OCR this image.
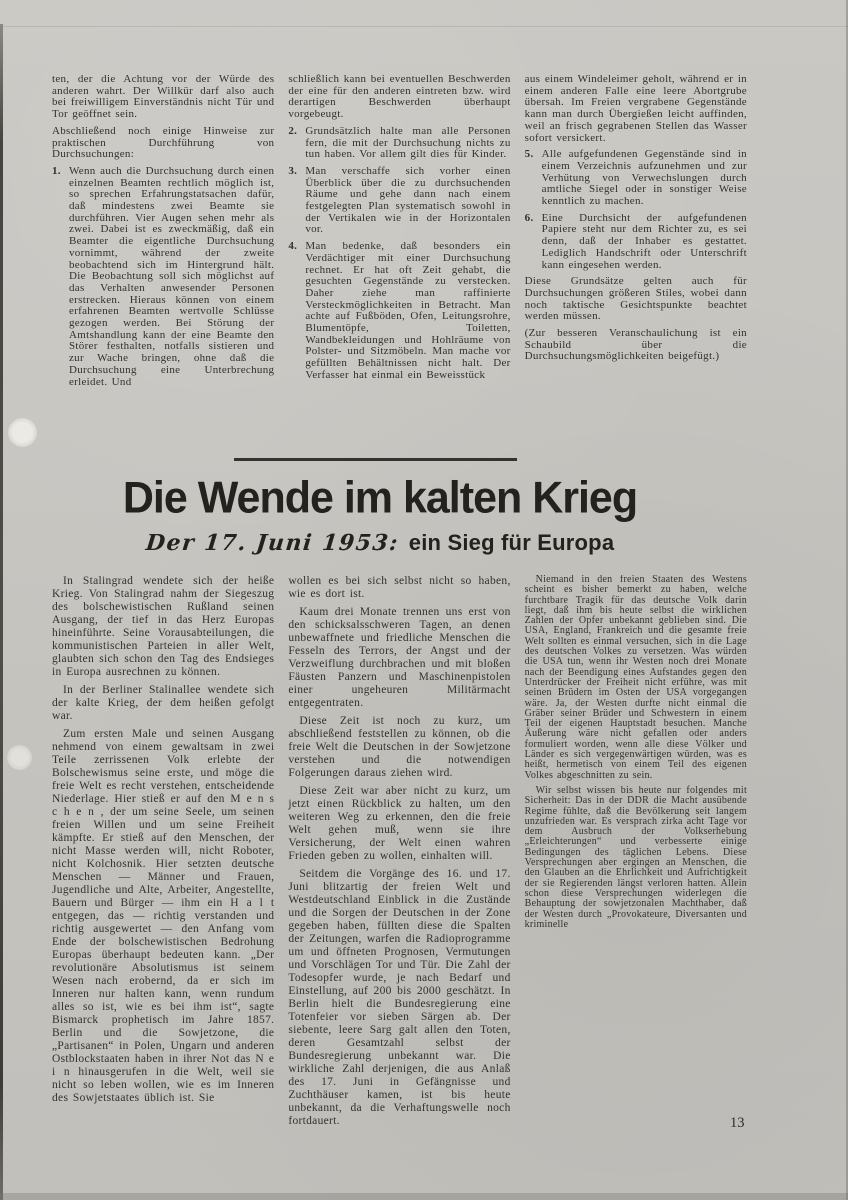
ten, der die Achtung vor der Würde des anderen wahrt. Der Willkür darf also auch bei freiwilligem Einverständnis nicht Tür und Tor geöffnet sein.

Abschließend noch einige Hinweise zur praktischen Durchführung von Durchsuchungen:

1. Wenn auch die Durchsuchung durch einen einzelnen Beamten rechtlich möglich ist, so sprechen Erfahrungstatsachen dafür, daß mindestens zwei Beamte sie durchführen. Vier Augen sehen mehr als zwei. Dabei ist es zweckmäßig, daß ein Beamter die eigentliche Durchsuchung vornimmt, während der zweite beobachtend sich im Hintergrund hält. Die Beobachtung soll sich möglichst auf das Verhalten anwesender Personen erstrecken. Hieraus können von einem erfahrenen Beamten wertvolle Schlüsse gezogen werden. Bei Störung der Amtshandlung kann der eine Beamte den Störer festhalten, notfalls sistieren und zur Wache bringen, ohne daß die Durchsuchung eine Unterbrechung erleidet. Und

schließlich kann bei eventuellen Beschwerden der eine für den anderen eintreten bzw. wird derartigen Beschwerden überhaupt vorgebeugt.

2. Grundsätzlich halte man alle Personen fern, die mit der Durchsuchung nichts zu tun haben. Vor allem gilt dies für Kinder.

3. Man verschaffe sich vorher einen Überblick über die zu durchsuchenden Räume und gehe dann nach einem festgelegten Plan systematisch sowohl in der Vertikalen wie in der Horizontalen vor.

4. Man bedenke, daß besonders ein Verdächtiger mit einer Durchsuchung rechnet. Er hat oft Zeit gehabt, die gesuchten Gegenstände zu verstecken. Daher ziehe man raffinierte Versteckmöglichkeiten in Betracht. Man achte auf Fußböden, Ofen, Leitungsrohre, Blumentöpfe, Toiletten, Wandbekleidungen und Hohlräume von Polster- und Sitzmöbeln. Man mache vor gefüllten Behältnissen nicht halt. Der Verfasser hat einmal ein Beweisstück

aus einem Windeleimer geholt, während er in einem anderen Falle eine leere Abortgrube übersah. Im Freien vergrabene Gegenstände kann man durch Übergießen leicht auffinden, weil an frisch gegrabenen Stellen das Wasser sofort versickert.

5. Alle aufgefundenen Gegenstände sind in einem Verzeichnis aufzunehmen und zur Verhütung von Verwechslungen durch amtliche Siegel oder in sonstiger Weise kenntlich zu machen.

6. Eine Durchsicht der aufgefundenen Papiere steht nur dem Richter zu, es sei denn, daß der Inhaber es gestattet. Lediglich Handschrift oder Unterschrift kann eingesehen werden.

Diese Grundsätze gelten auch für Durchsuchungen größeren Stiles, wobei dann noch taktische Gesichtspunkte beachtet werden müssen.

(Zur besseren Veranschaulichung ist ein Schaubild über die Durchsuchungsmöglichkeiten beigefügt.)

Die Wende im kalten Krieg

Der 17. Juni 1953: ein Sieg für Europa

In Stalingrad wendete sich der heiße Krieg. Von Stalingrad nahm der Siegeszug des bolschewistischen Rußland seinen Ausgang, der tief in das Herz Europas hineinführte. Seine Vorausabteilungen, die kommunistischen Parteien in aller Welt, glaubten sich schon den Tag des Endsieges in Europa ausrechnen zu können.

In der Berliner Stalinallee wendete sich der kalte Krieg, der dem heißen gefolgt war.

Zum ersten Male und seinen Ausgang nehmend von einem gewaltsam in zwei Teile zerrissenen Volk erlebte der Bolschewismus seine erste, und möge die freie Welt es recht verstehen, entscheidende Niederlage. Hier stieß er auf den M e n s c h e n , der um seine Seele, um seinen freien Willen und um seine Freiheit kämpfte. Er stieß auf den Menschen, der nicht Masse werden will, nicht Roboter, nicht Kolchosnik. Hier setzten deutsche Menschen — Männer und Frauen, Jugendliche und Alte, Arbeiter, Angestellte, Bauern und Bürger — ihm ein H a l t entgegen, das — richtig verstanden und richtig ausgewertet — den Anfang vom Ende der bolschewistischen Bedrohung Europas überhaupt bedeuten kann. „Der revolutionäre Absolutismus ist seinem Wesen nach erobernd, da er sich im Inneren nur halten kann, wenn rundum alles so ist, wie es bei ihm ist“, sagte Bismarck prophetisch im Jahre 1857. Berlin und die Sowjetzone, die „Partisanen“ in Polen, Ungarn und anderen Ostblockstaaten haben in ihrer Not das N e i n hinausgerufen in die Welt, weil sie nicht so leben wollen, wie es im Inneren des Sowjetstaates üblich ist. Sie

wollen es bei sich selbst nicht so haben, wie es dort ist.

Kaum drei Monate trennen uns erst von den schicksalsschweren Tagen, an denen unbewaffnete und friedliche Menschen die Fesseln des Terrors, der Angst und der Verzweiflung durchbrachen und mit bloßen Fäusten Panzern und Maschinenpistolen einer ungeheuren Militärmacht entgegentraten.

Diese Zeit ist noch zu kurz, um abschließend feststellen zu können, ob die freie Welt die Deutschen in der Sowjetzone verstehen und die notwendigen Folgerungen daraus ziehen wird.

Diese Zeit war aber nicht zu kurz, um jetzt einen Rückblick zu halten, um den weiteren Weg zu erkennen, den die freie Welt gehen muß, wenn sie ihre Versicherung, der Welt einen wahren Frieden geben zu wollen, einhalten will.

Seitdem die Vorgänge des 16. und 17. Juni blitzartig der freien Welt und Westdeutschland Einblick in die Zustände und die Sorgen der Deutschen in der Zone gegeben haben, füllten diese die Spalten der Zeitungen, warfen die Radioprogramme um und öffneten Prognosen, Vermutungen und Vorschlägen Tor und Tür. Die Zahl der Todesopfer wurde, je nach Bedarf und Einstellung, auf 200 bis 2000 geschätzt. In Berlin hielt die Bundesregierung eine Totenfeier vor sieben Särgen ab. Der siebente, leere Sarg galt allen den Toten, deren Gesamtzahl selbst der Bundesregierung unbekannt war. Die wirkliche Zahl derjenigen, die aus Anlaß des 17. Juni in Gefängnisse und Zuchthäuser kamen, ist bis heute unbekannt, da die Verhaftungswelle noch fortdauert.

Niemand in den freien Staaten des Westens scheint es bisher bemerkt zu haben, welche furchtbare Tragik für das deutsche Volk darin liegt, daß ihm bis heute selbst die wirklichen Zahlen der Opfer unbekannt geblieben sind. Die USA, England, Frankreich und die gesamte freie Welt sollten es einmal versuchen, sich in die Lage des deutschen Volkes zu versetzen. Was würden die USA tun, wenn ihr Westen noch drei Monate nach der Beendigung eines Aufstandes gegen den Unterdrücker der Freiheit nicht erführe, was mit seinen Brüdern im Osten der USA vorgegangen wäre. Ja, der Westen durfte nicht einmal die Gräber seiner Brüder und Schwestern in einem Teil der eigenen Hauptstadt besuchen. Manche Äußerung wäre nicht gefallen oder anders formuliert worden, wenn alle diese Völker und Länder es sich vergegenwärtigen würden, was es heißt, hermetisch von einem Teil des eigenen Volkes abgeschnitten zu sein.

Wir selbst wissen bis heute nur folgendes mit Sicherheit: Das in der DDR die Macht ausübende Regime fühlte, daß die Bevölkerung seit langem unzufrieden war. Es versprach zirka acht Tage vor dem Ausbruch der Volkserhebung „Erleichterungen“ und verbesserte einige Bedingungen des täglichen Lebens. Diese Versprechungen aber ergingen an Menschen, die den Glauben an die Ehrlichkeit und Aufrichtigkeit der sie Regierenden längst verloren hatten. Allein schon diese Versprechungen widerlegen die Behauptung der sowjetzonalen Machthaber, daß der Westen durch „Provokateure, Diversanten und kriminelle

13
